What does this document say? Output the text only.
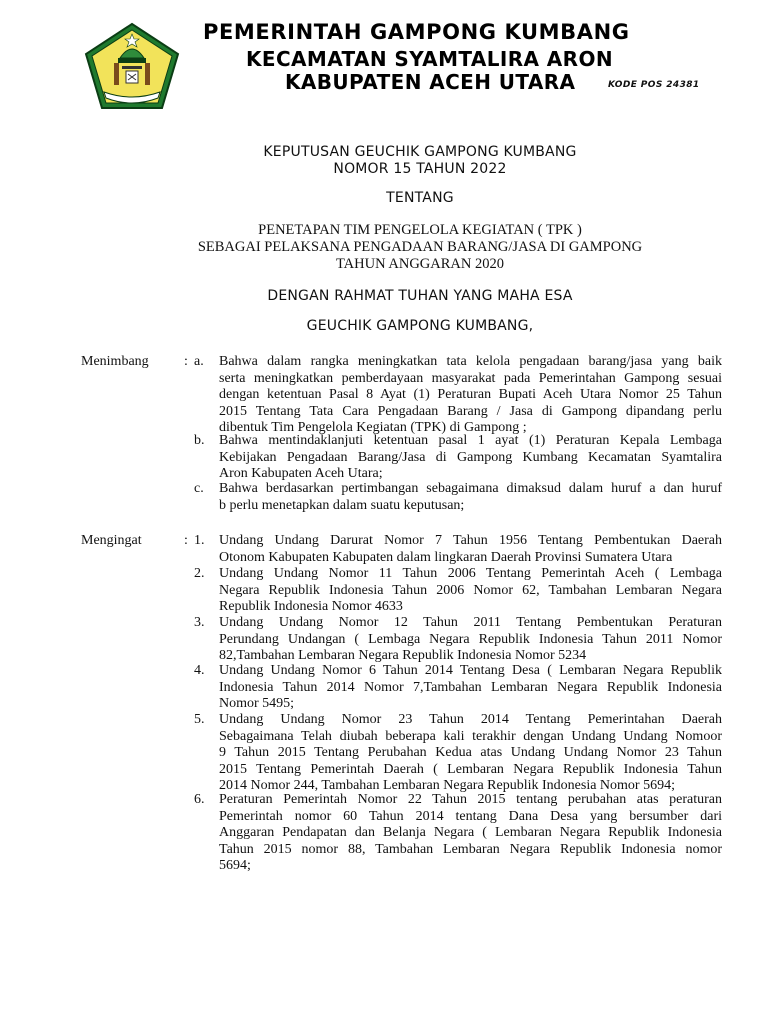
PEMERINTAH GAMPONG KUMBANG
KECAMATAN SYAMTALIRA ARON
KABUPATEN ACEH UTARA	KODE POS 24381
KEPUTUSAN GEUCHIK GAMPONG KUMBANG
NOMOR 15 TAHUN 2022
TENTANG
PENETAPAN TIM PENGELOLA KEGIATAN ( TPK )
SEBAGAI PELAKSANA PENGADAAN BARANG/JASA DI GAMPONG
TAHUN ANGGARAN 2020
DENGAN RAHMAT TUHAN YANG MAHA ESA
GEUCHIK GAMPONG KUMBANG,
Menimbang	: a. Bahwa dalam rangka meningkatkan tata kelola pengadaan barang/jasa yang baik
serta meningkatkan pemberdayaan masyarakat pada Pemerintahan Gampong sesuai
dengan ketentuan Pasal 8 Ayat (1) Peraturan Bupati Aceh Utara Nomor 25 Tahun
2015 Tentang Tata Cara Pengadaan Barang / Jasa di Gampong dipandang perlu
dibentuk Tim Pengelola Kegiatan (TPK) di Gampong ;
b. Bahwa mentindaklanjuti ketentuan pasal 1 ayat (1) Peraturan Kepala Lembaga
Kebijakan Pengadaan Barang/Jasa di Gampong Kumbang Kecamatan Syamtalira
Aron Kabupaten Aceh Utara;
c. Bahwa berdasarkan pertimbangan sebagaimana dimaksud dalam huruf a dan huruf
b perlu menetapkan dalam suatu keputusan;
Mengingat	: 1. Undang Undang Darurat Nomor 7 Tahun 1956 Tentang Pembentukan Daerah
Otonom Kabupaten Kabupaten dalam lingkaran Daerah Provinsi Sumatera Utara
2. Undang Undang Nomor 11 Tahun 2006 Tentang Pemerintah Aceh ( Lembaga
Negara Republik Indonesia Tahun 2006 Nomor 62, Tambahan Lembaran Negara
Republik Indonesia Nomor 4633
3. Undang Undang Nomor 12 Tahun 2011 Tentang Pembentukan Peraturan
Perundang Undangan ( Lembaga Negara Republik Indonesia Tahun 2011 Nomor
82,Tambahan Lembaran Negara Republik Indonesia Nomor 5234
4. Undang Undang Nomor 6 Tahun 2014 Tentang Desa ( Lembaran Negara Republik
Indonesia Tahun 2014 Nomor 7,Tambahan Lembaran Negara Republik Indonesia
Nomor 5495;
5. Undang Undang Nomor 23 Tahun 2014 Tentang Pemerintahan Daerah
Sebagaimana Telah diubah beberapa kali terakhir dengan Undang Undang Nomoor
9 Tahun 2015 Tentang Perubahan Kedua atas Undang Undang Nomor 23 Tahun
2015 Tentang Pemerintah Daerah ( Lembaran Negara Republik Indonesia Tahun
2014 Nomor 244, Tambahan Lembaran Negara Republik Indonesia Nomor 5694;
6. Peraturan Pemerintah Nomor 22 Tahun 2015 tentang perubahan atas peraturan
Pemerintah nomor 60 Tahun 2014 tentang Dana Desa yang bersumber dari
Anggaran Pendapatan dan Belanja Negara ( Lembaran Negara Republik Indonesia
Tahun 2015 nomor 88, Tambahan Lembaran Negara Republik Indonesia nomor
5694;
